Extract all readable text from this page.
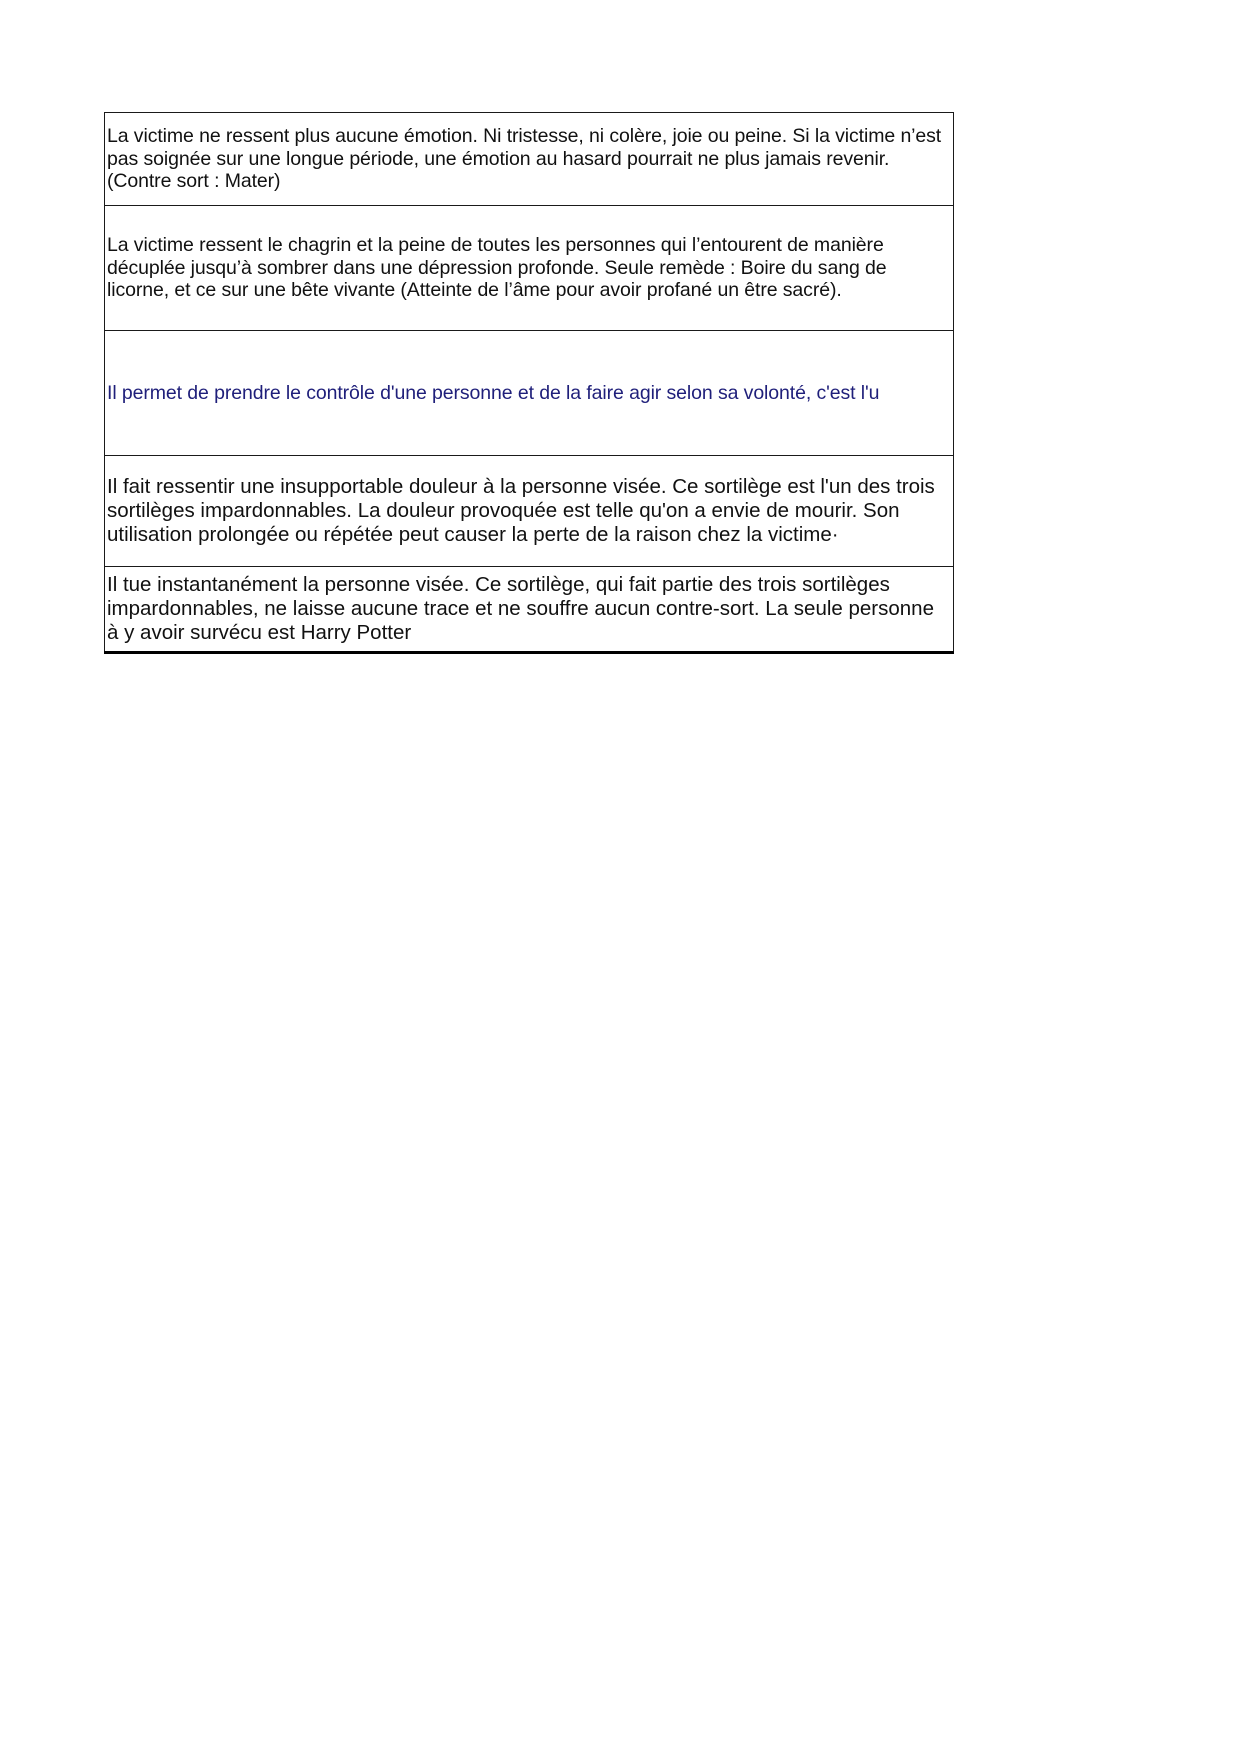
La victime ne ressent plus aucune émotion. Ni tristesse, ni colère, joie ou peine. Si la victime n’est pas soignée sur une longue période, une émotion au hasard pourrait ne plus jamais revenir. (Contre sort : Mater)

La victime ressent le chagrin et la peine de toutes les personnes qui l’entourent de manière décuplée jusqu’à sombrer dans une dépression profonde. Seule remède : Boire du sang de licorne, et ce sur une bête vivante (Atteinte de l’âme pour avoir profané un être sacré).

Il permet de prendre le contrôle d'une personne et de la faire agir selon sa volonté, c'est l'u

Il fait ressentir une insupportable douleur à la personne visée. Ce sortilège est l'un des trois sortilèges impardonnables. La douleur provoquée est telle qu'on a envie de mourir. Son utilisation prolongée ou répétée peut causer la perte de la raison chez la victime·

Il tue instantanément la personne visée. Ce sortilège, qui fait partie des trois sortilèges impardonnables, ne laisse aucune trace et ne souffre aucun contre-sort. La seule personne à y avoir survécu est Harry Potter
